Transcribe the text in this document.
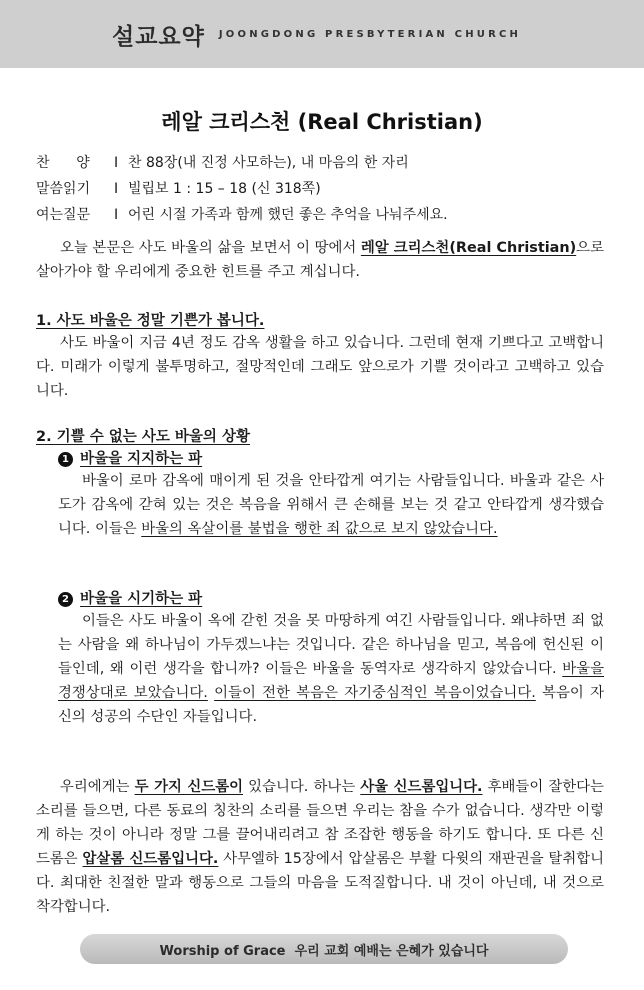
설교요약 JOONGDONG PRESBYTERIAN CHURCH
레알 크리스천 (Real Christian)
찬      양	I 찬 88장(내 진정 사모하는), 내 마음의 한 자리
말씀읽기	I 빌립보 1 : 15 – 18 (신 318쪽)
여는질문	I 어린 시절 가족과 함께 했던 좋은 추억을 나눠주세요.
오늘 본문은 사도 바울의 삶을 보면서 이 땅에서 레알 크리스천(Real Christian)으로 살아가야 할 우리에게 중요한 힌트를 주고 계십니다.
1. 사도 바울은 정말 기쁜가 봅니다.
사도 바울이 지금 4년 정도 감옥 생활을 하고 있습니다. 그런데 현재 기쁘다고 고백합니다. 미래가 이렇게 불투명하고, 절망적인데 그래도 앞으로가 기쁠 것이라고 고백하고 있습니다.
2. 기쁠 수 없는 사도 바울의 상황
1 바울을 지지하는 파
바울이 로마 감옥에 매이게 된 것을 안타깝게 여기는 사람들입니다. 바울과 같은 사도가 감옥에 갇혀 있는 것은 복음을 위해서 큰 손해를 보는 것 같고 안타깝게 생각했습니다. 이들은 바울의 옥살이를 불법을 행한 죄 값으로 보지 않았습니다.
2 바울을 시기하는 파
이들은 사도 바울이 옥에 갇힌 것을 못 마땅하게 여긴 사람들입니다. 왜냐하면 죄 없는 사람을 왜 하나님이 가두겠느냐는 것입니다. 같은 하나님을 믿고, 복음에 헌신된 이들인데, 왜 이런 생각을 합니까? 이들은 바울을 동역자로 생각하지 않았습니다. 바울을 경쟁상대로 보았습니다. 이들이 전한 복음은 자기중심적인 복음이었습니다. 복음이 자신의 성공의 수단인 자들입니다.
우리에게는 두 가지 신드롬이 있습니다. 하나는 사울 신드롬입니다. 후배들이 잘한다는 소리를 들으면, 다른 동료의 칭찬의 소리를 들으면 우리는 참을 수가 없습니다. 생각만 이렇게 하는 것이 아니라 정말 그를 끌어내리려고 참 조잡한 행동을 하기도 합니다. 또 다른 신드롬은 압살롬 신드롬입니다. 사무엘하 15장에서 압살롬은 부활 다윗의 재판권을 탈취합니다. 최대한 친절한 말과 행동으로 그들의 마음을 도적질합니다. 내 것이 아닌데, 내 것으로 착각합니다.
Worship of Grace  우리 교회 예배는 은혜가 있습니다
